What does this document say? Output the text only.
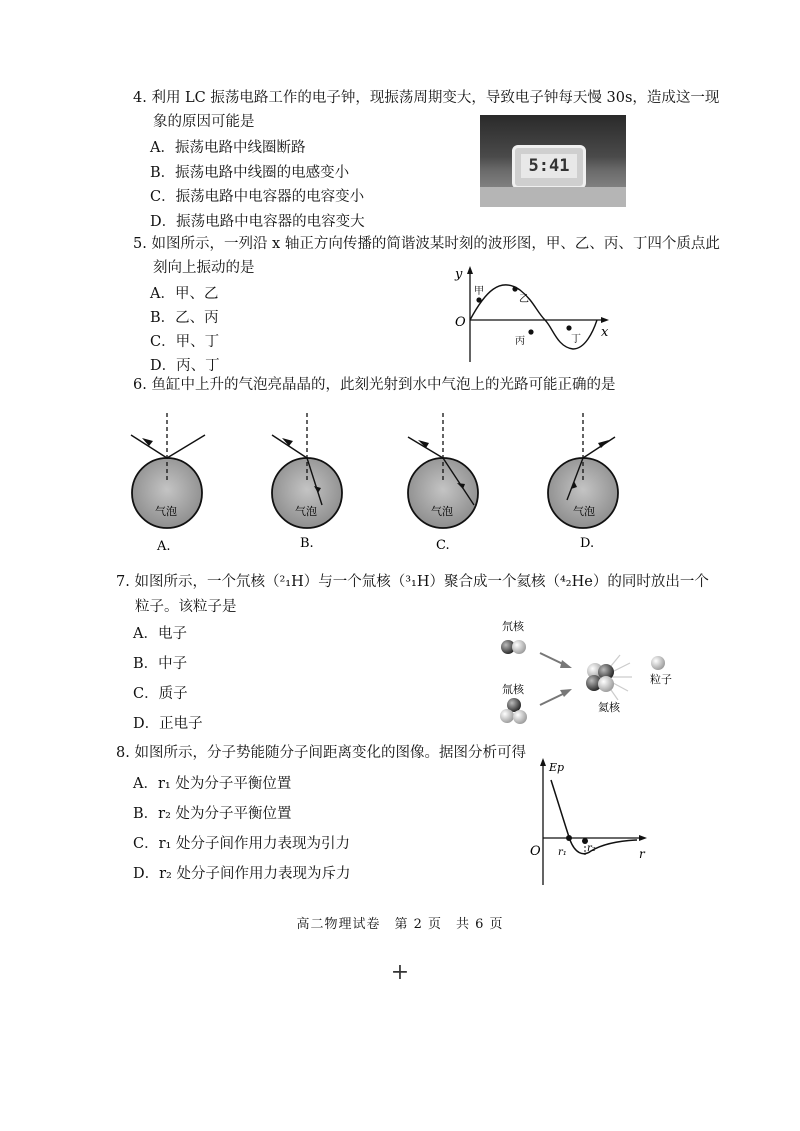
4. 利用 LC 振荡电路工作的电子钟，现振荡周期变大，导致电子钟每天慢 30s，造成这一现
象的原因可能是
A．振荡电路中线圈断路
B．振荡电路中线圈的电感变小
C．振荡电路中电容器的电容变小
D．振荡电路中电容器的电容变大
5:41
5. 如图所示，一列沿 x 轴正方向传播的简谐波某时刻的波形图，甲、乙、丙、丁四个质点此
刻向上振动的是
A．甲、乙
B．乙、丙
C．甲、丁
D．丙、丁
y
O
x
甲
乙
丙	丁
6. 鱼缸中上升的气泡亮晶晶的，此刻光射到水中气泡上的光路可能正确的是
气泡	气泡	气泡	气泡
A.	B.	C.	D.
7. 如图所示，一个氘核（²₁H）与一个氚核（³₁H）聚合成一个氦核（⁴₂He）的同时放出一个
粒子。该粒子是
A．电子
B．中子
C．质子
D．正电子
氘核
氚核
氦核
粒子
8. 如图所示，分子势能随分子间距离变化的图像。据图分析可得
A．r₁ 处为分子平衡位置
B．r₂ 处为分子平衡位置
C．r₁ 处分子间作用力表现为引力
D．r₂ 处分子间作用力表现为斥力
Ep
O	r
r₁ r₂
高二物理试卷　第 2 页　共 6 页
+
